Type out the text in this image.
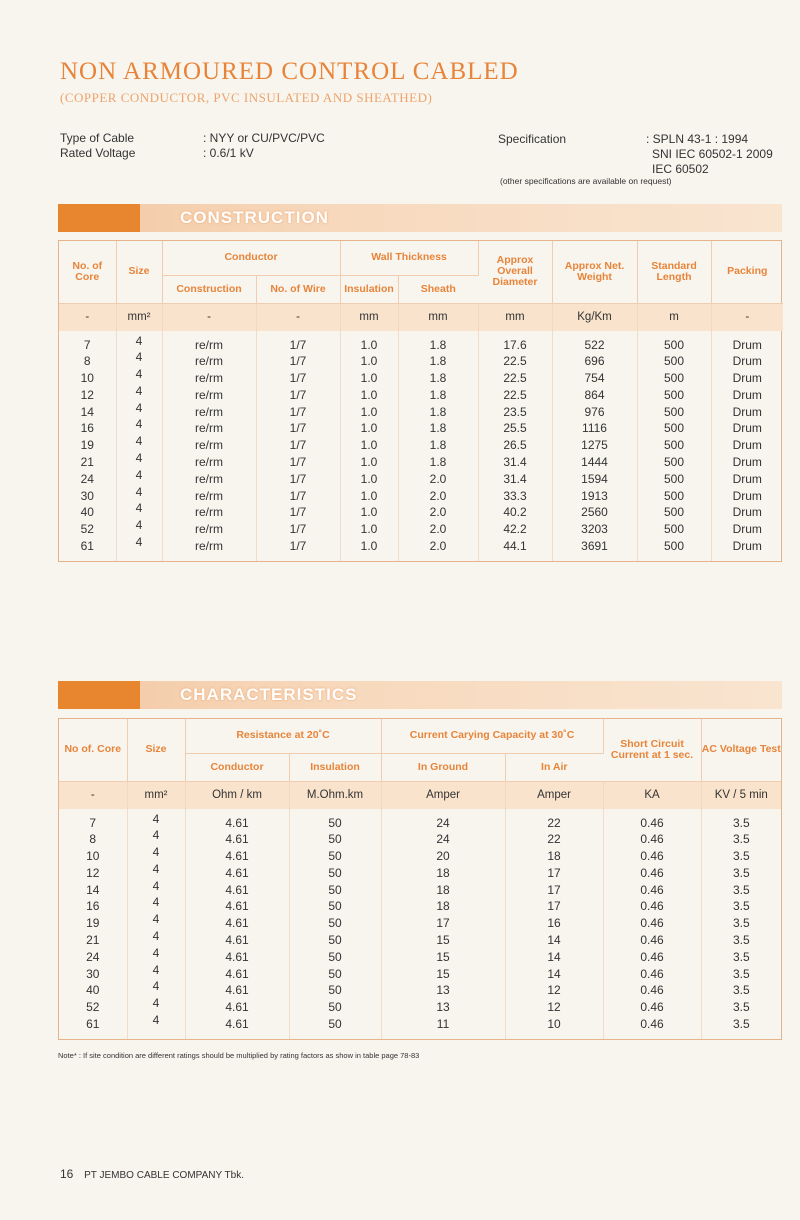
NON ARMOURED CONTROL CABLED
(COPPER CONDUCTOR, PVC INSULATED AND SHEATHED)
Type of Cable	: NYY or CU/PVC/PVC
Rated Voltage	: 0.6/1 kV
Specification	: SPLN 43-1 : 1994
SNI IEC 60502-1 2009
IEC 60502
(other specifications are available on request)
CONSTRUCTION
No. of Core	Size	Conductor		Wall Thickness		Approx Overall Diameter	Approx Net. Weight	Standard Length	Packing
		Construction	No. of Wire	Insulation	Sheath				
-	mm²	-	-	mm	mm	mm	Kg/Km	m	-

7	4	re/rm	1/7	1.0	1.8	17.6	522	500	Drum
8	4	re/rm	1/7	1.0	1.8	22.5	696	500	Drum
10	4	re/rm	1/7	1.0	1.8	22.5	754	500	Drum
12	4	re/rm	1/7	1.0	1.8	22.5	864	500	Drum
14	4	re/rm	1/7	1.0	1.8	23.5	976	500	Drum
16	4	re/rm	1/7	1.0	1.8	25.5	1116	500	Drum
19	4	re/rm	1/7	1.0	1.8	26.5	1275	500	Drum
21	4	re/rm	1/7	1.0	1.8	31.4	1444	500	Drum
24	4	re/rm	1/7	1.0	2.0	31.4	1594	500	Drum
30	4	re/rm	1/7	1.0	2.0	33.3	1913	500	Drum
40	4	re/rm	1/7	1.0	2.0	40.2	2560	500	Drum
52	4	re/rm	1/7	1.0	2.0	42.2	3203	500	Drum
61	4	re/rm	1/7	1.0	2.0	44.1	3691	500	Drum

CHARACTERISTICS
No of. Core	Size	Resistance at 20˚C		Current Carying Capacity at 30˚C		Short Circuit Current at 1 sec.	AC Voltage Test
		Conductor	Insulation	In Ground	In Air		
-	mm²	Ohm / km	M.Ohm.km	Amper	Amper	KA	KV / 5 min

7	4	4.61	50	24	22	0.46	3.5
8	4	4.61	50	24	22	0.46	3.5
10	4	4.61	50	20	18	0.46	3.5
12	4	4.61	50	18	17	0.46	3.5
14	4	4.61	50	18	17	0.46	3.5
16	4	4.61	50	18	17	0.46	3.5
19	4	4.61	50	17	16	0.46	3.5
21	4	4.61	50	15	14	0.46	3.5
24	4	4.61	50	15	14	0.46	3.5
30	4	4.61	50	15	14	0.46	3.5
40	4	4.61	50	13	12	0.46	3.5
52	4	4.61	50	13	12	0.46	3.5
61	4	4.61	50	11	10	0.46	3.5

Note* : If site condition are different ratings should be multiplied by rating factors as show in table page 78-83
16 PT JEMBO CABLE COMPANY Tbk.
